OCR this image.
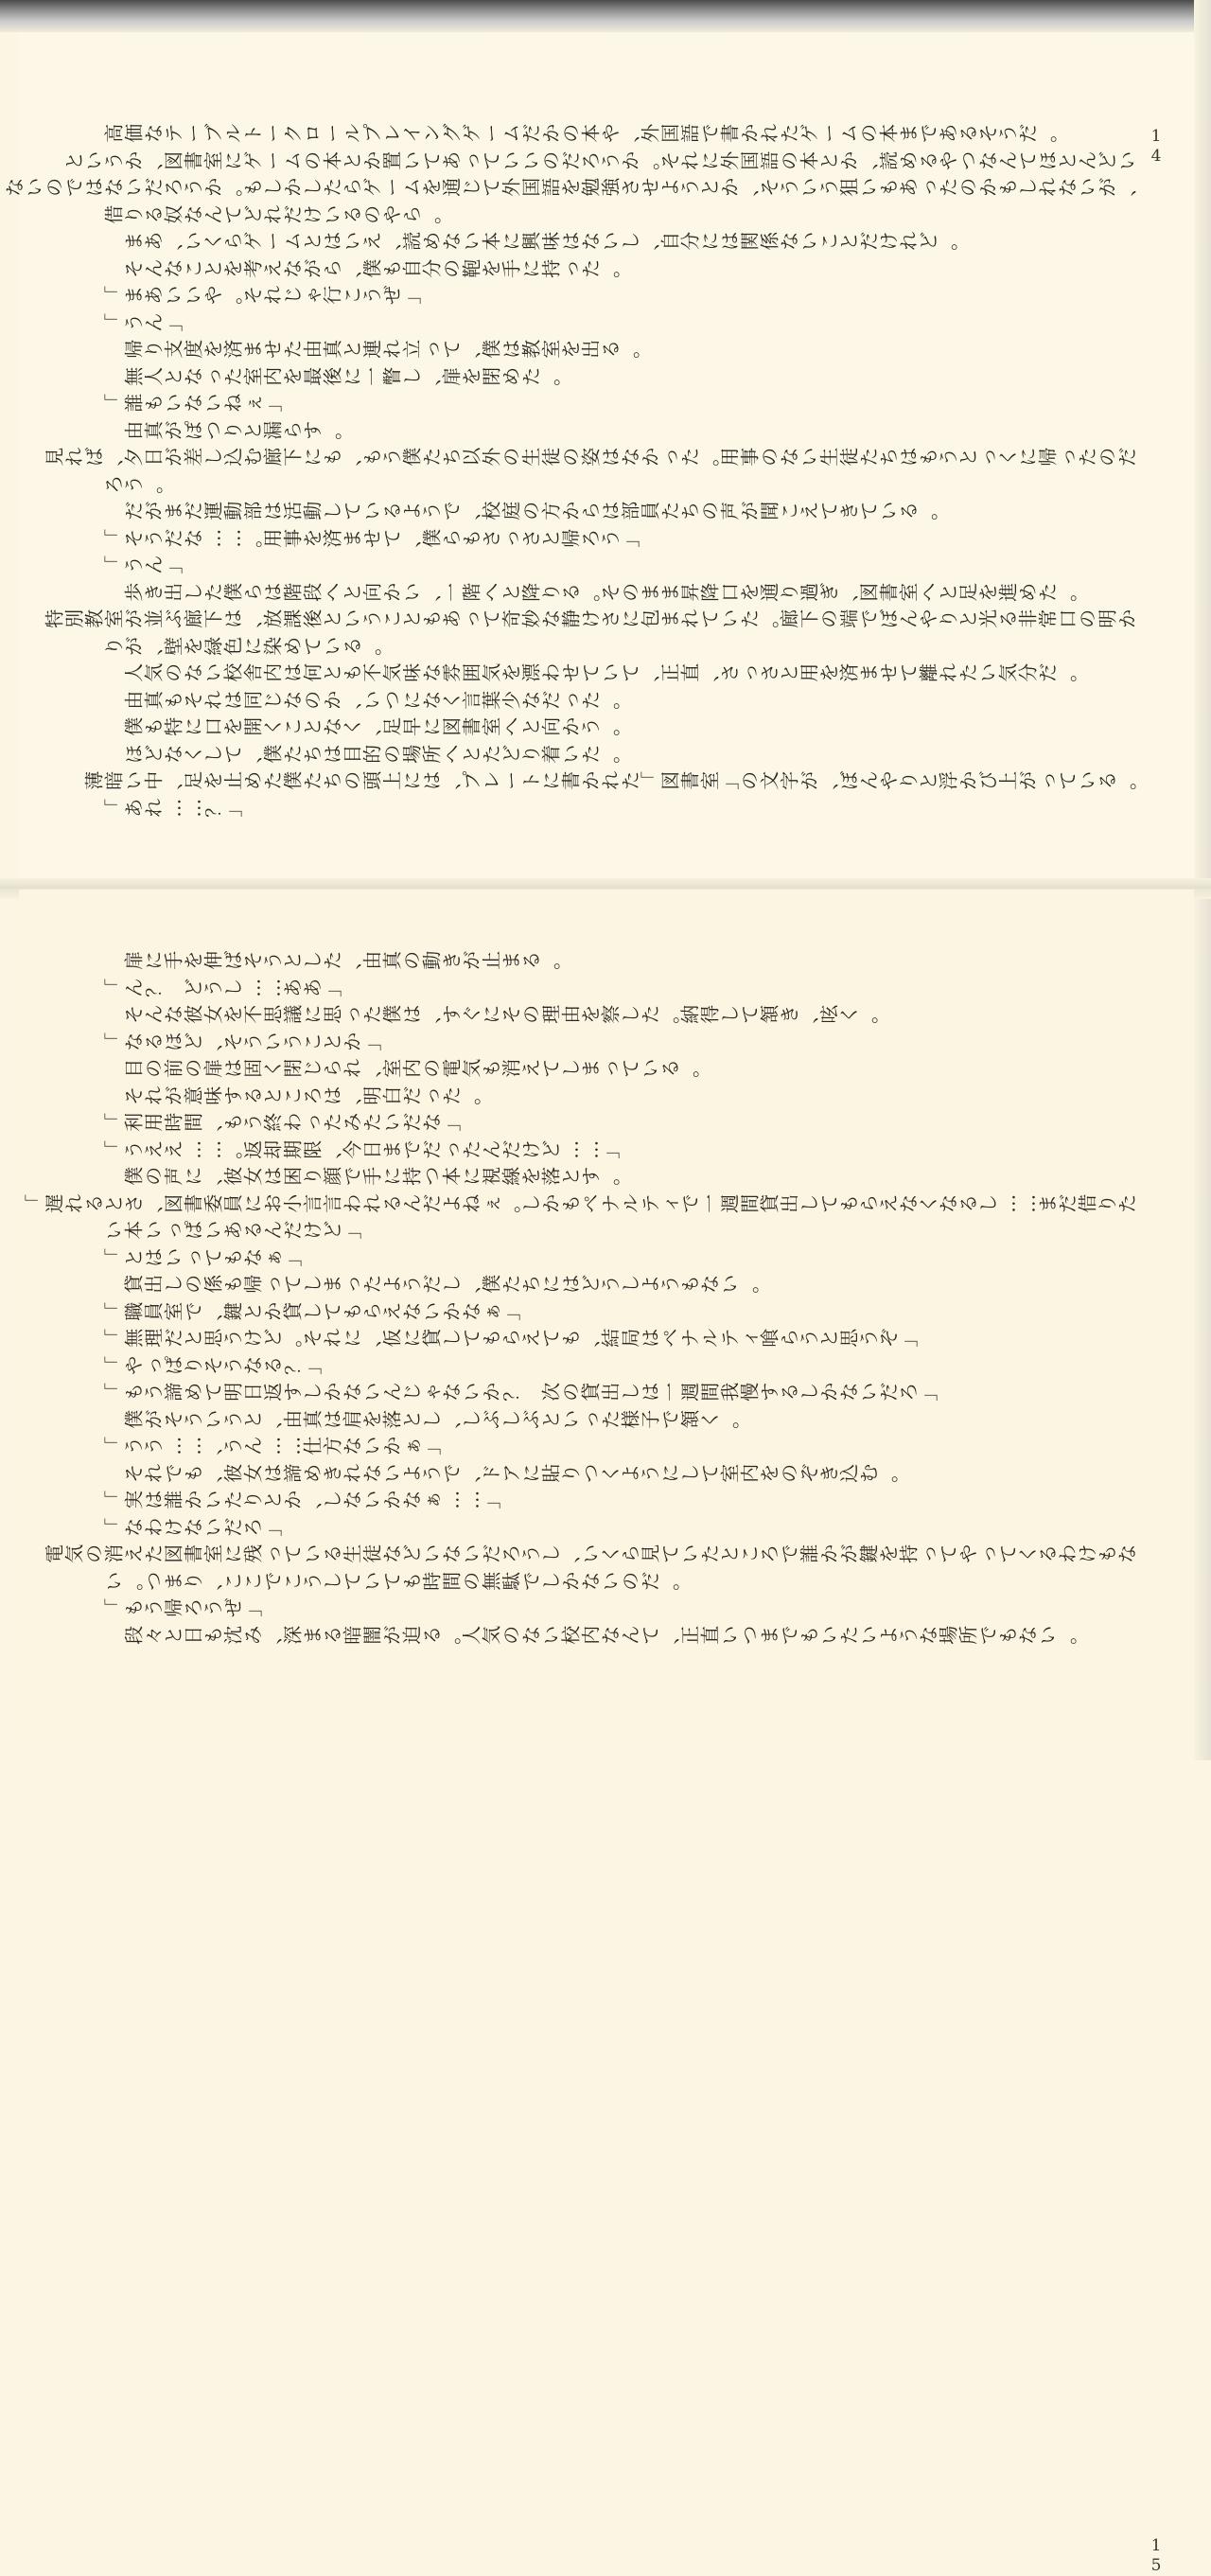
14
。だうそるあでま本のムーゲたれか書で語国外、や本のかだムーゲグンイレプルーロクートルブーテな価高
いどんとほてんなつやるめ読、かと本の語国外にれそ。かうろだのいいてっあてい置かと本のムーゲに室書図、かういと　
、がいなれしもかのたっあもい狙ういうそ、かとうよせさ強勉を語国外てじ通をムーゲらたしかしも。かうろだいなはでのいな
。らやのるいけだれどてんな奴るり借
。どれけだとこいな係関はに分自、しいなは味興に本いなめ読、えいはとムーゲらくい、あま　
。たっ持に手を鞄の分自も僕、らがなえ考をとこなんそ　
」ぜうこ行ゃじれそ。やいいあま「
」んう「
。る出を室教は僕、てっ立れ連と真由たせま済を度支り帰　
。ため閉を扉、し瞥一に後最を内室たっなと人無　
」ぇねいないも誰「
。すら漏とりつぽが真由　
だのたっ帰にくっとうもはちた徒生いなの事用。たっかなは姿の徒生の外以ちた僕うも、もに下廊む込し差が日夕、ばれ見　
。うろ
。るいてきてえこ聞が声のちた員部はらか方の庭校、でうよるいてし動活は部動運だまがだ　
」うろ帰とさっさもら僕、てせま済を事用。……なだうそ「
」んう「
。ため進を足とへ室書図、ぎ過り通を口降昇ままのそ。るり降とへ階一、いか向とへ段階はら僕たし出き歩　
か明の口常非る光とりやんぼで端の下廊。たいてれま包にさけ静な妙奇てっあもとこういと後課放、は下廊ぶ並が室教別特　
。るいてめ染に色緑を壁、がり
。だ分気いたれ離てせま済を用とさっさ、直正、ていてせわ漂を気囲雰な味気不もと何は内舎校いなの気人　
。たっだな少葉言くなについ、かのなじ同はれそも真由　
。うか向とへ室書図に早足、くなとこく開を口に特も僕　
。たい着りどたとへ所場の的目はちた僕、てしくなどほ　
。るいてっが上びか浮とりやんぼ、が字文の」室書図「たれか書にトーレプ、はに上頭のちた僕ため止を足、中い暗薄　
」？……れあ「
15
。るま止がき動の真由、たしとうそば伸を手に扉　
」ああ……しうど　？ん「
。く呟、き頷てし得納。たし察を由理のそにぐす、は僕たっ思に議思不を女彼なんそ　
」かとこういうそ、どほるな「
。るいてっましてえ消も気電の内室、れらじ閉く固は扉の前の目　
。たっだ白明、はろことるす味意がれそ　
」なだいたみたっわ終うも、間時用利「
」……どけだんたっだでま日今、限期却返。……ええう「
。すと落を線視に本つ持に手で顔り困は女彼、に声の僕　
たり借だま……しるなくなえらもてし出貸間週一でィテルナペもかし。ぇねよだんるれわ言言小おに員委書図、さとるれ遅「
」どけだんるあいぱっい本い
」ぁなもてっいはと「
。いなもうよしうどはにちた僕、しだうよたっましてっ帰も係のし出貸　
」ぁなかいなえらもてし貸かと鍵、で室員職「
」ぞう思とうら喰ィテルナペは局結、もてえらもてし貸に仮、にれそ。どけう思とだ理無「
」？るなうそりぱっや「
」ろだいなかしるす慢我間週一はし出貸の次　？かいなゃじんいなかしす返日明てめ諦うも「
。く頷で子様たっいとぶしぶし、しと落を肩は真由、とういうそが僕　
」ぁかいな方仕……んう、……うう「
。む込きぞのを内室てしにうよくつり貼にアド、でうよいなれきめ諦は女彼、もでれそ　
」……ぁなかいなし、かとりたいか誰は実「
」ろだいなけわな「
なもけわるくてっやてっ持を鍵がか誰でろことたいて見らくい、しうろだいないどな徒生るいてっ残に室書図たえ消の気電　
。だのいなかしで駄無の間時もていてしうこでここ、りまつ。い
」ぜうろ帰うも「
。いなもで所場なうよいたいもでまつい直正、てんな内校いなの気人。る迫が闇暗るま深、み沈も日と々段　
